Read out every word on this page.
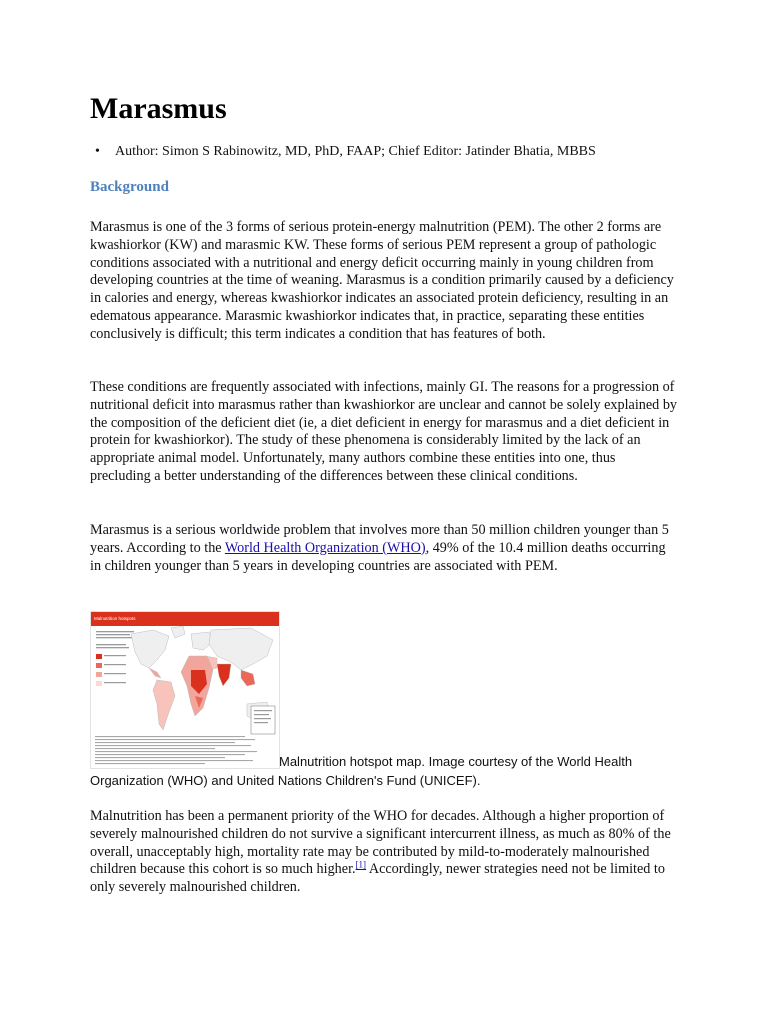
Marasmus

• Author: Simon S Rabinowitz, MD, PhD, FAAP; Chief Editor: Jatinder Bhatia, MBBS

Background

Marasmus is one of the 3 forms of serious protein-energy malnutrition (PEM). The other 2 forms are kwashiorkor (KW) and marasmic KW. These forms of serious PEM represent a group of pathologic conditions associated with a nutritional and energy deficit occurring mainly in young children from developing countries at the time of weaning. Marasmus is a condition primarily caused by a deficiency in calories and energy, whereas kwashiorkor indicates an associated protein deficiency, resulting in an edematous appearance. Marasmic kwashiorkor indicates that, in practice, separating these entities conclusively is difficult; this term indicates a condition that has features of both.

These conditions are frequently associated with infections, mainly GI. The reasons for a progression of nutritional deficit into marasmus rather than kwashiorkor are unclear and cannot be solely explained by the composition of the deficient diet (ie, a diet deficient in energy for marasmus and a diet deficient in protein for kwashiorkor). The study of these phenomena is considerably limited by the lack of an appropriate animal model. Unfortunately, many authors combine these entities into one, thus precluding a better understanding of the differences between these clinical conditions.

Marasmus is a serious worldwide problem that involves more than 50 million children younger than 5 years. According to the World Health Organization (WHO), 49% of the 10.4 million deaths occurring in children younger than 5 years in developing countries are associated with PEM.

Malnutrition hotspots

Malnutrition hotspot map. Image courtesy of the World Health Organization (WHO) and United Nations Children's Fund (UNICEF).

Malnutrition has been a permanent priority of the WHO for decades. Although a higher proportion of severely malnourished children do not survive a significant intercurrent illness, as much as 80% of the overall, unacceptably high, mortality rate may be contributed by mild-to-moderately malnourished children because this cohort is so much higher.[1] Accordingly, newer strategies need not be limited to only severely malnourished children.
